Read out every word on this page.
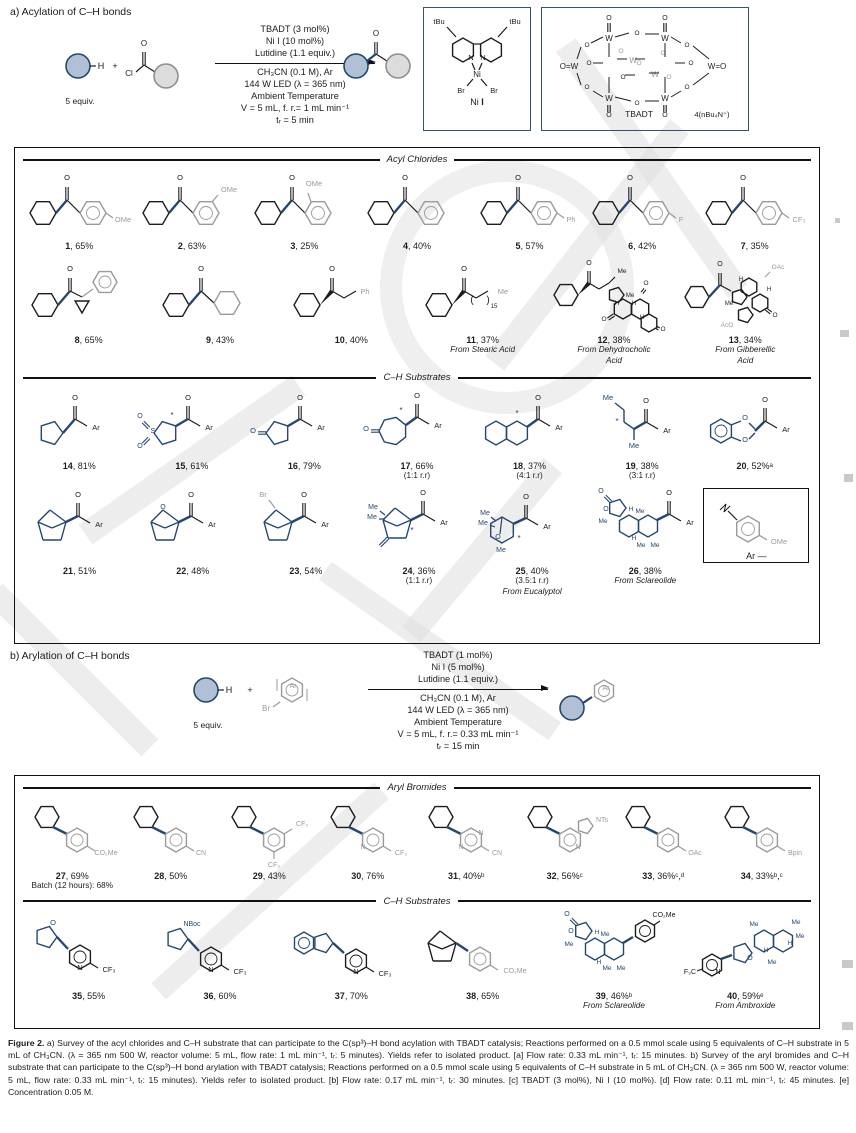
a) Acylation of C–H bonds
H +
Cl
O
5 equiv.
TBADT (3 mol%)
Ni I (10 mol%)
Lutidine (1.1 equiv.)
CH₃CN (0.1 M), Ar
144 W LED (λ = 365 nm)
Ambient Temperature
V = 5 mL, f. r.= 1 mL min⁻¹
tᵣ = 5 min
O
tBu	tBu
N N
Ni
Br	Br
Ni I
W
O
W
O
O=W	W=O
W
O
W
O
W
W
O
O
O
O
O
O
O	O
O
O	O
O	O
TBADT	4(nBu₄N⁺)
Acyl Chlorides
O
OMe
1, 65%
O
OMe
2, 63%
O
OMe
3, 25%
O
4, 40%
O
Ph
5, 57%
O
F
6, 42%
O
CF₃
7, 35%
O
8, 65%
O
9, 43%
O
Ph
10, 40%
O
( )
15
Me
11, 37%
From Stearic Acid
O
Me
Me
H H
H
O
O
O
12, 38%
From Dehydrocholic
Acid
O	OAc
Me
H
H
AcO
O
13, 34%
From Gibberellic
Acid
C–H Substrates
O
Ar
14, 81%
S
O
O
*
O
Ar
15, 61%
O
O
Ar
16, 79%
O
*
O
Ar
17, 66%
(1:1 r.r)
*
O
Ar
18, 37%
(4:1 r.r)
Me
*
Me
O
Ar
19, 38%
(3:1 r.r)
O
O
O
Ar
20, 52%ᵃ
O
Ar
21, 51%
O
O
Ar
22, 48%
Br	O
Ar
23, 54%
Me
Me
*
O
Ar
24, 36%
(1:1 r.r)
O
Me
Me
Me
*
O
Ar
25, 40%
(3.5:1 r.r)
From Eucalyptol
O
O
Me
H Me
H
Me Me
O
Ar
26, 38%
From Sclareolide
OMe
Ar —
b) Arylation of C–H bonds
H +
Br
Ar
5 equiv.
TBADT (1 mol%)
Ni I (5 mol%)
Lutidine (1.1 equiv.)
CH₃CN (0.1 M), Ar
144 W LED (λ = 365 nm)
Ambient Temperature
V = 5 mL, f. r.= 0.33 mL min⁻¹
tᵣ = 15 min
Ar
Aryl Bromides
CO₂Me
27, 69%
Batch (12 hours): 68%
CN
28, 50%
CF₃
CF₃
29, 43%
N
CF₃
30, 76%
N
N
CN
31, 40%ᵇ
NTs
N
32, 56%ᶜ
OAc
33, 36%ᶜ,ᵈ
Bpin
34, 33%ᵇ,ᶜ
C–H Substrates
O
N	CF₃
35, 55%
NBoc
N	CF₃
36, 60%
N	CF₃
37, 70%
CO₂Me
38, 65%
O
O
Me
H Me
H
Me Me
CO₂Me
39, 46%ᵇ
From Sclareolide
F₃C	N
O
Me	Me
Me
H
H
Me
40, 59%ᵉ
From Ambroxide
Figure 2. a) Survey of the acyl chlorides and C–H substrate that can participate to the C(sp³)–H bond acylation with TBADT catalysis; Reactions performed on a 0.5 mmol scale using 5 equivalents of C–H substrate in 5 mL of CH₃CN. (λ = 365 nm 500 W, reactor volume: 5 mL, flow rate: 1 mL min⁻¹, tᵣ: 5 minutes). Yields refer to isolated product. [a] Flow rate: 0.33 mL min⁻¹, tᵣ: 15 minutes. b) Survey of the aryl bromides and C–H substrate that can participate to the C(sp³)–H bond arylation with TBADT catalysis; Reactions performed on a 0.5 mmol scale using 5 equivalents of C–H substrate in 5 mL of CH₃CN. (λ = 365 nm 500 W, reactor volume: 5 mL, flow rate: 0.33 mL min⁻¹, tᵣ: 15 minutes). Yields refer to isolated product. [b] Flow rate: 0.17 mL min⁻¹, tᵣ: 30 minutes. [c] TBADT (3 mol%), Ni I (10 mol%). [d] Flow rate: 0.11 mL min⁻¹, tᵣ: 45 minutes. [e] Concentration 0.05 M.
